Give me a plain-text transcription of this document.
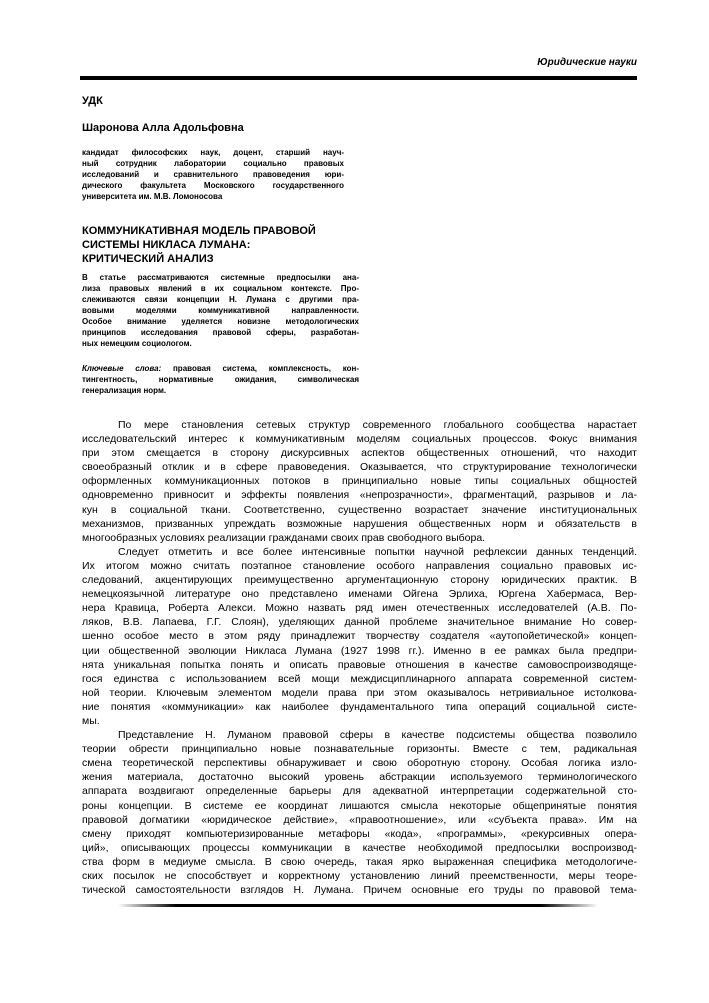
Юридические науки
УДК
Шаронова Алла Адольфовна
кандидат философских наук, доцент, старший науч-
ный сотрудник лаборатории социально правовых
исследований и сравнительного правоведения юри-
дического факультета Московского государственного
университета им. М.В. Ломоносова
КОММУНИКАТИВНАЯ МОДЕЛЬ ПРАВОВОЙ
СИСТЕМЫ НИКЛАСА ЛУМАНА:
КРИТИЧЕСКИЙ АНАЛИЗ
В статье рассматриваются системные предпосылки ана-
лиза правовых явлений в их социальном контексте. Про-
слеживаются связи концепции Н. Лумана с другими пра-
вовыми моделями коммуникативной направленности.
Особое внимание уделяется новизне методологических
принципов исследования правовой сферы, разработан-
ных немецким социологом.
Ключевые слова: правовая система, комплексность, кон-
тингентность, нормативные ожидания, символическая
генерализация норм.
По мере становления сетевых структур современного глобального сообщества нарастает
исследовательский интерес к коммуникативным моделям социальных процессов. Фокус внимания
при этом смещается в сторону дискурсивных аспектов общественных отношений, что находит
своеобразный отклик и в сфере правоведения. Оказывается, что структурирование технологически
оформленных коммуникационных потоков в принципиально новые типы социальных общностей
одновременно привносит и эффекты появления «непрозрачности», фрагментаций, разрывов и ла-
кун в социальной ткани. Соответственно, существенно возрастает значение институциональных
механизмов, призванных упреждать возможные нарушения общественных норм и обязательств в
многообразных условиях реализации гражданами своих прав свободного выбора.
Следует отметить и все более интенсивные попытки научной рефлексии данных тенденций.
Их итогом можно считать поэтапное становление особого направления социально правовых ис-
следований, акцентирующих преимущественно аргументационную сторону юридических практик. В
немецкоязычной литературе оно представлено именами Ойгена Эрлиха, Юргена Хабермаса, Вер-
нера Кравица, Роберта Алекси. Можно назвать ряд имен отечественных исследователей (А.В. По-
ляков, В.В. Лапаева, Г.Г. Слоян), уделяющих данной проблеме значительное внимание Но совер-
шенно особое место в этом ряду принадлежит творчеству создателя «аутопойетической» концеп-
ции общественной эволюции Никласа Лумана (1927 1998 гг.). Именно в ее рамках была предпри-
нята уникальная попытка понять и описать правовые отношения в качестве самовоспроизводяще-
гося единства с использованием всей мощи междисциплинарного аппарата современной систем-
ной теории. Ключевым элементом модели права при этом оказывалось нетривиальное истолкова-
ние понятия «коммуникации» как наиболее фундаментального типа операций социальной систе-
мы.
Представление Н. Луманом правовой сферы в качестве подсистемы общества позволило
теории обрести принципиально новые познавательные горизонты. Вместе с тем, радикальная
смена теоретической перспективы обнаруживает и свою оборотную сторону. Особая логика изло-
жения материала, достаточно высокий уровень абстракции используемого терминологического
аппарата воздвигают определенные барьеры для адекватной интерпретации содержательной сто-
роны концепции. В системе ее координат лишаются смысла некоторые общепринятые понятия
правовой догматики «юридическое действие», «правоотношение», или «субъекта права». Им на
смену приходят компьютеризированные метафоры «кода», «программы», «рекурсивных опера-
ций», описывающих процессы коммуникации в качестве необходимой предпосылки воспроизвод-
ства форм в медиуме смысла. В свою очередь, такая ярко выраженная специфика методологиче-
ских посылок не способствует и корректному установлению линий преемственности, меры теоре-
тической самостоятельности взглядов Н. Лумана. Причем основные его труды по правовой тема-
